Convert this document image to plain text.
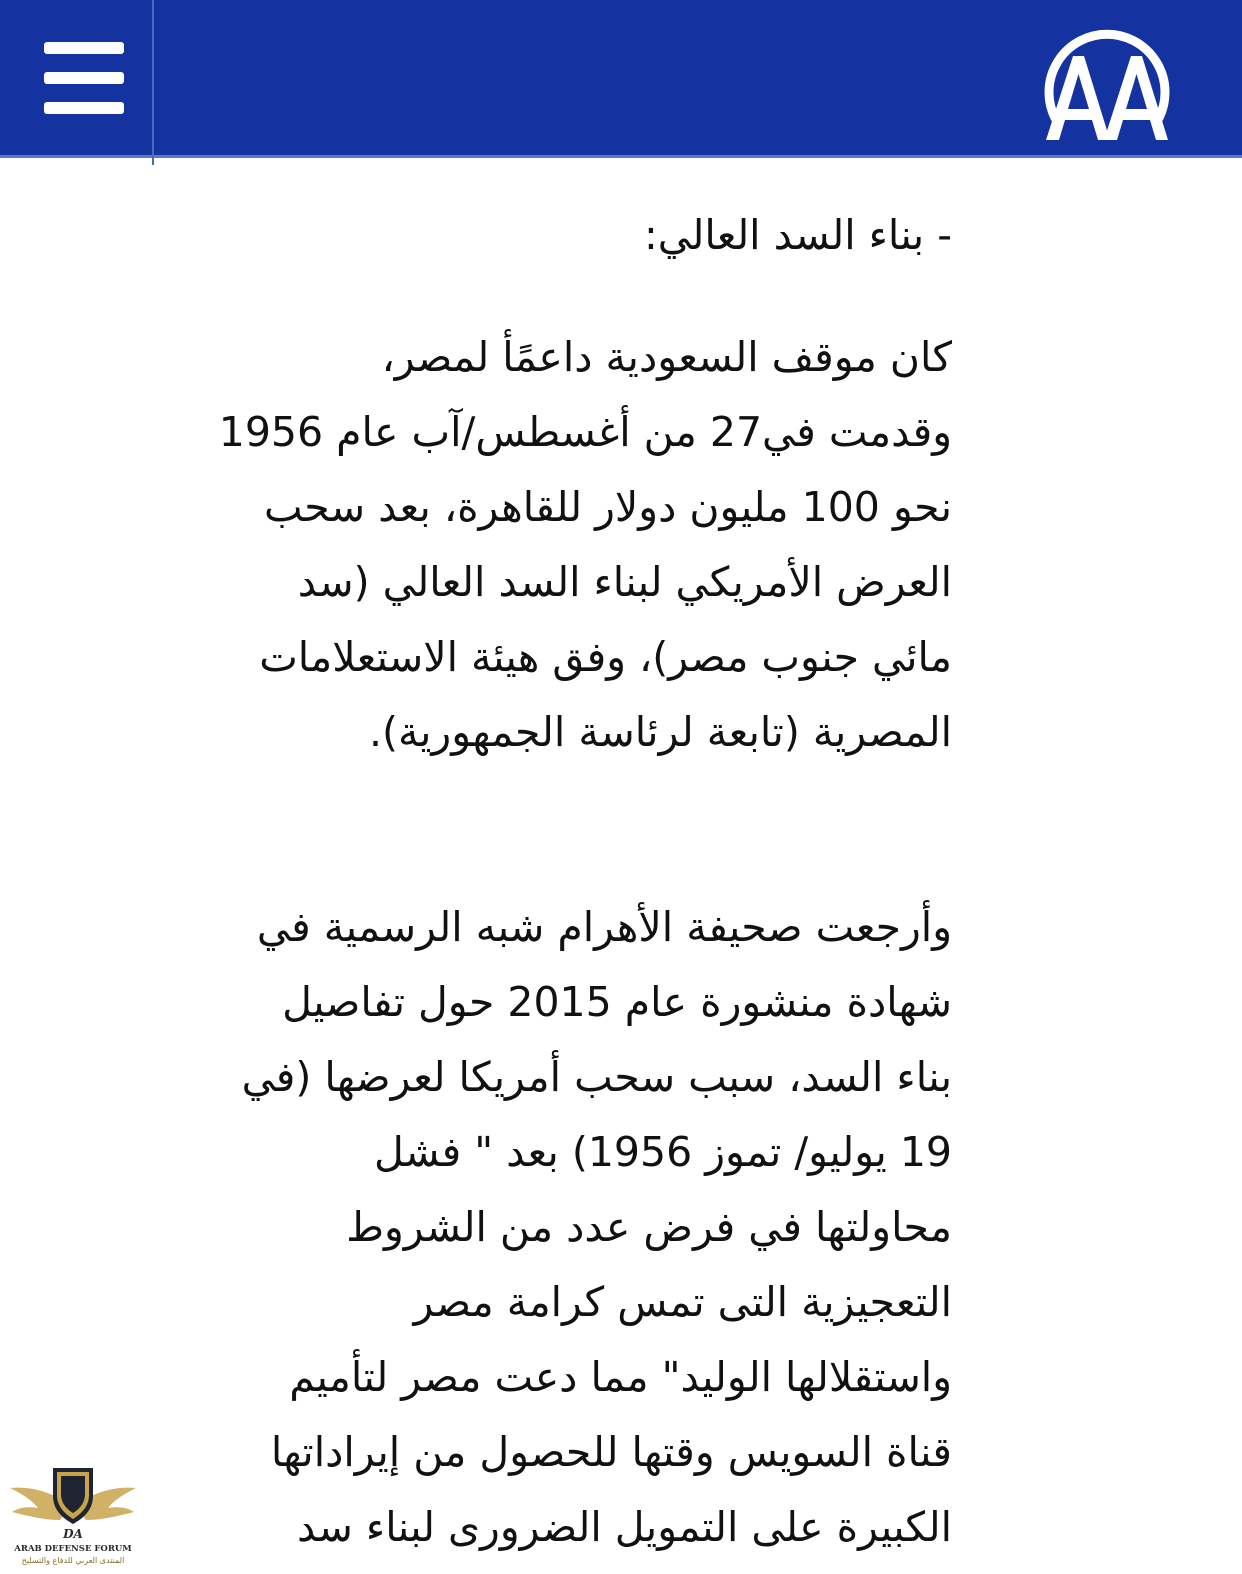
- بناء السد العالي:

كان موقف السعودية داعمًأ لمصر،
وقدمت في27 من أغسطس/آب عام 1956
نحو 100 مليون دولار للقاهرة، بعد سحب
العرض الأمريكي لبناء السد العالي (سد
مائي جنوب مصر)، وفق هيئة الاستعلامات
المصرية (تابعة لرئاسة الجمهورية).

وأرجعت صحيفة الأهرام شبه الرسمية في
شهادة منشورة عام 2015 حول تفاصيل
بناء السد، سبب سحب أمريكا لعرضها (في
19 يوليو/ تموز 1956) بعد " فشل
محاولتها في فرض عدد من الشروط
التعجيزية التى تمس كرامة مصر
واستقلالها الوليد" مما دعت مصر لتأميم
قناة السويس وقتها للحصول من إيراداتها
الكبيرة على التمويل الضرورى لبناء سد

DA
ARAB DEFENSE FORUM
المنتدى العربي للدفاع والتسليح
